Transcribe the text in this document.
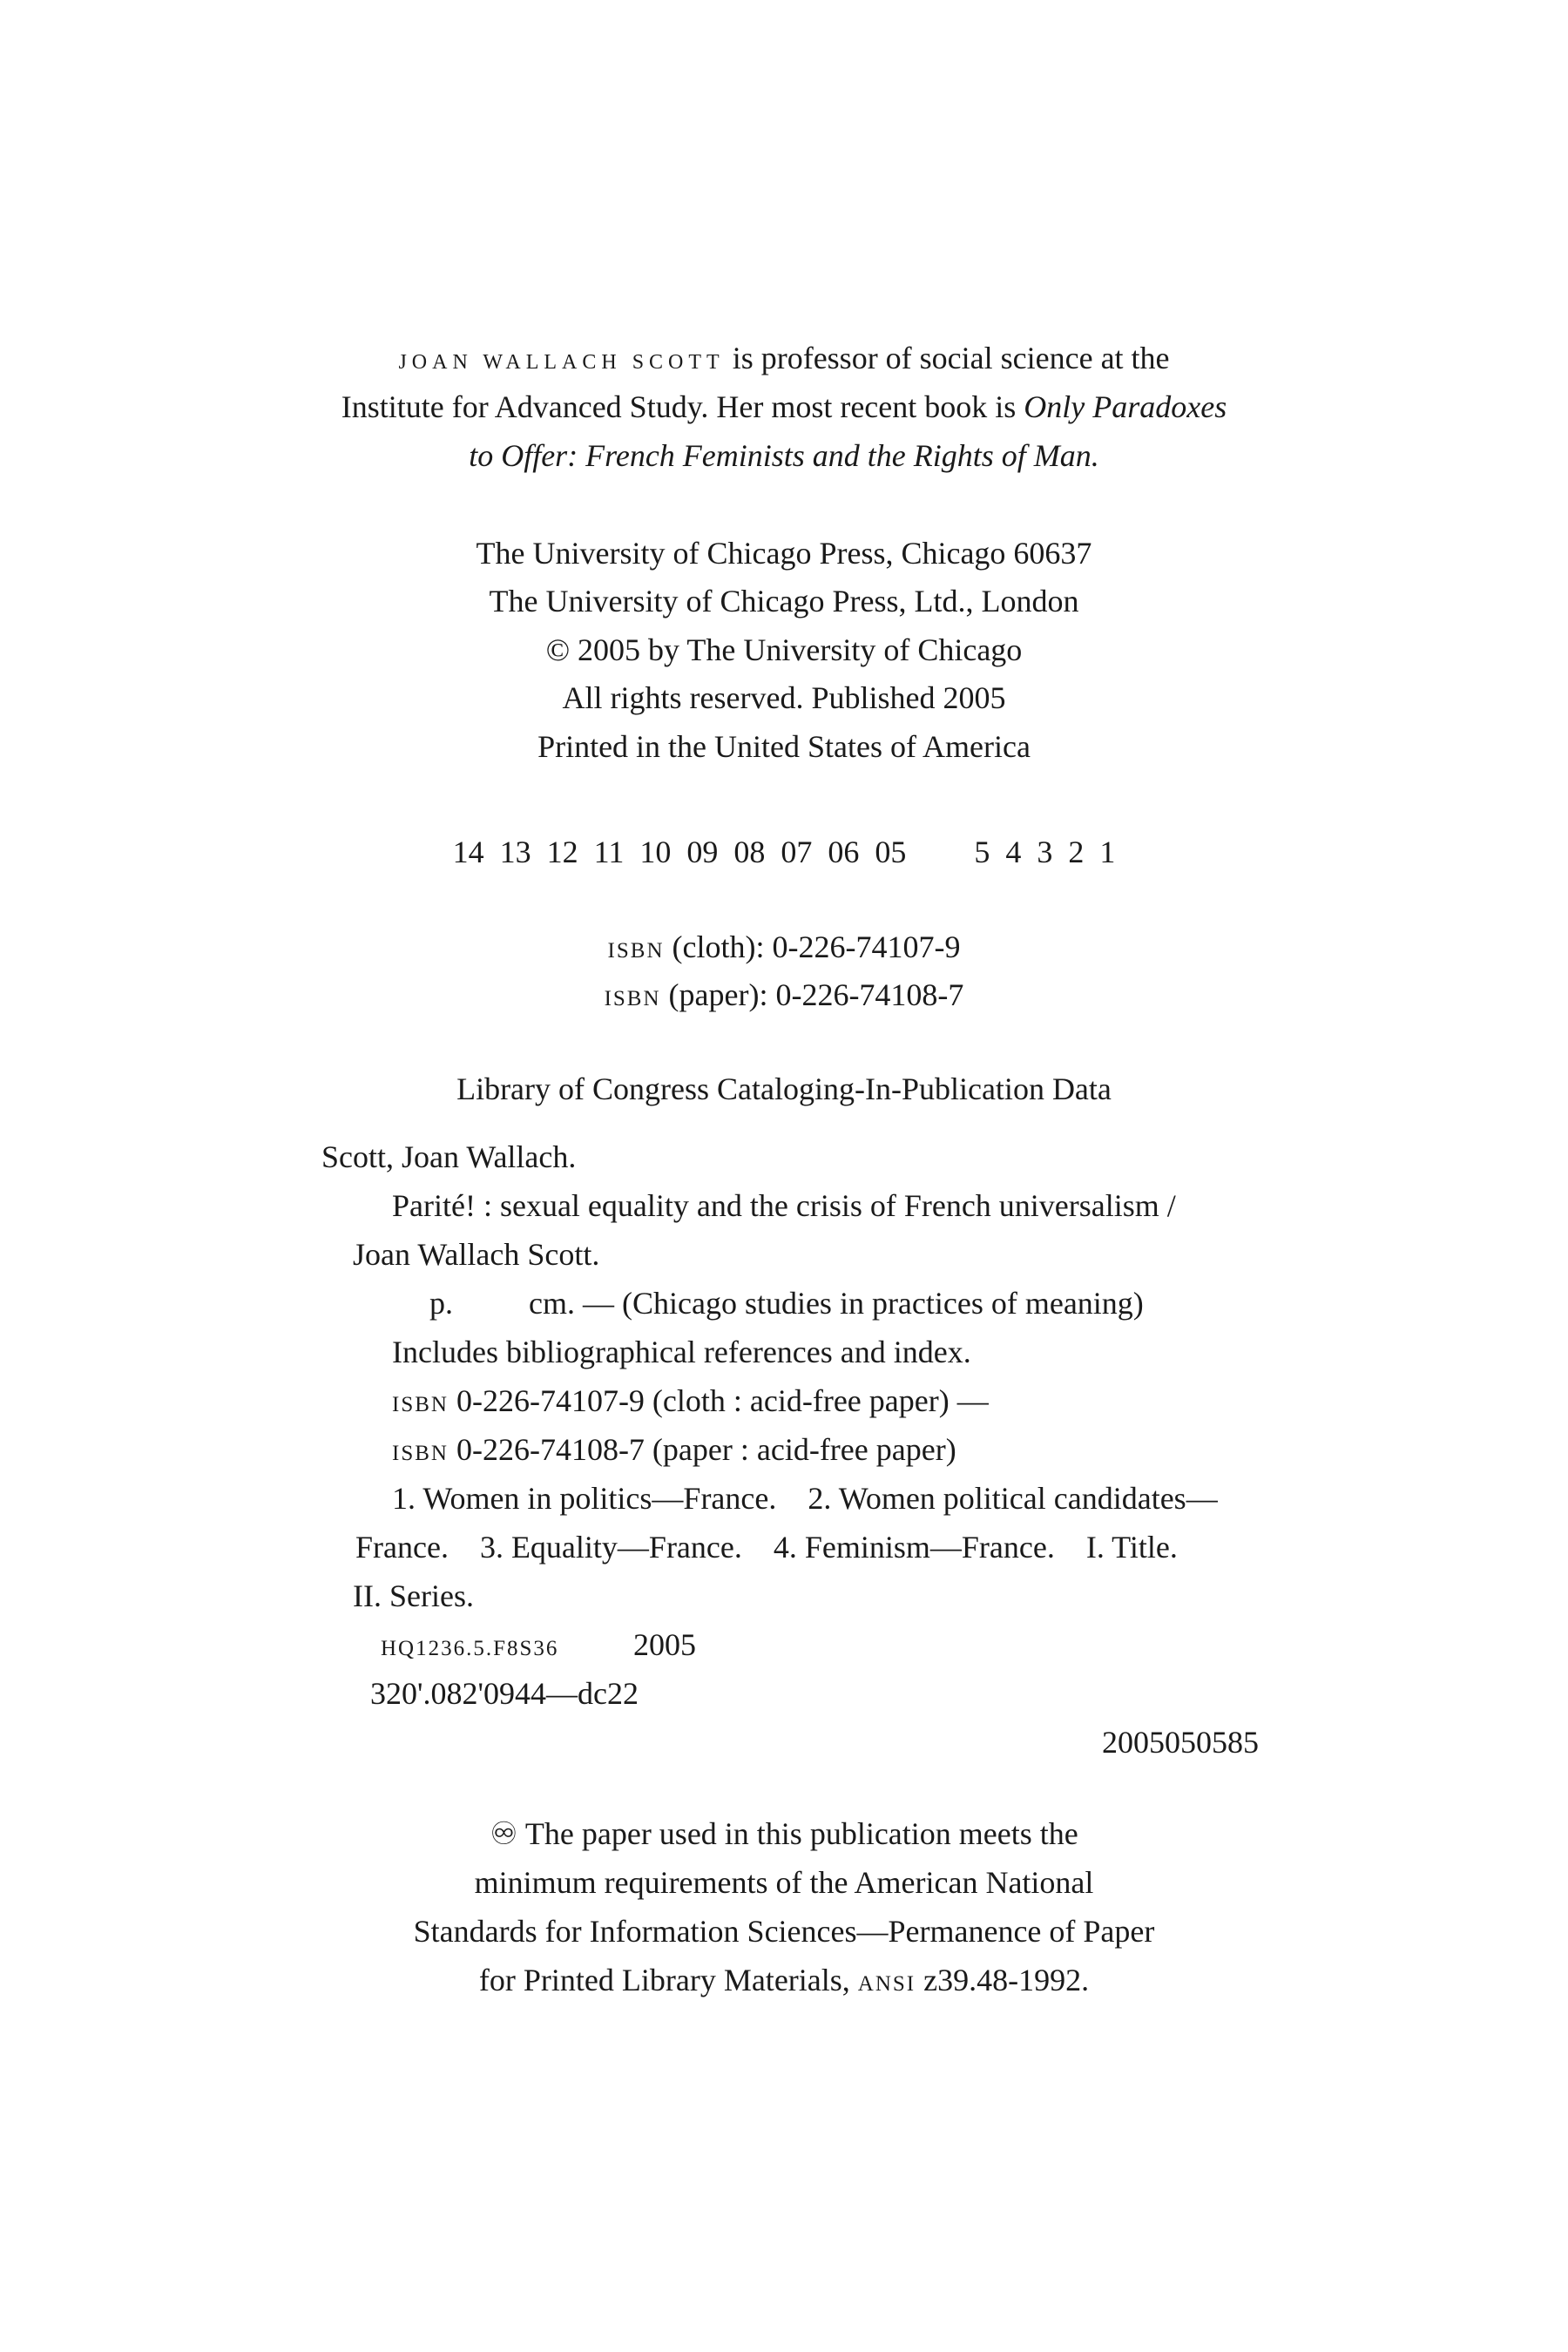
JOAN WALLACH SCOTT is professor of social science at the
Institute for Advanced Study. Her most recent book is Only Paradoxes
to Offer: French Feminists and the Rights of Man.
The University of Chicago Press, Chicago 60637
The University of Chicago Press, Ltd., London
© 2005 by The University of Chicago
All rights reserved. Published 2005
Printed in the United States of America
14 13 12 11 10 09 08 07 06 05 5 4 3 2 1
ISBN (cloth): 0-226-74107-9
ISBN (paper): 0-226-74108-7
Library of Congress Cataloging-In-Publication Data
Scott, Joan Wallach.
Parité! : sexual equality and the crisis of French universalism /
Joan Wallach Scott.
p. cm. — (Chicago studies in practices of meaning)
Includes bibliographical references and index.
ISBN 0-226-74107-9 (cloth : acid-free paper) —
ISBN 0-226-74108-7 (paper : acid-free paper)
1. Women in politics—France.    2. Women political candidates—
France.    3. Equality—France.    4. Feminism—France.    I. Title.
II. Series.
HQ1236.5.F8S36 2005
320'.082'0944—dc22
2005050585
♾ The paper used in this publication meets the
minimum requirements of the American National
Standards for Information Sciences—Permanence of Paper
for Printed Library Materials, ANSI z39.48-1992.
